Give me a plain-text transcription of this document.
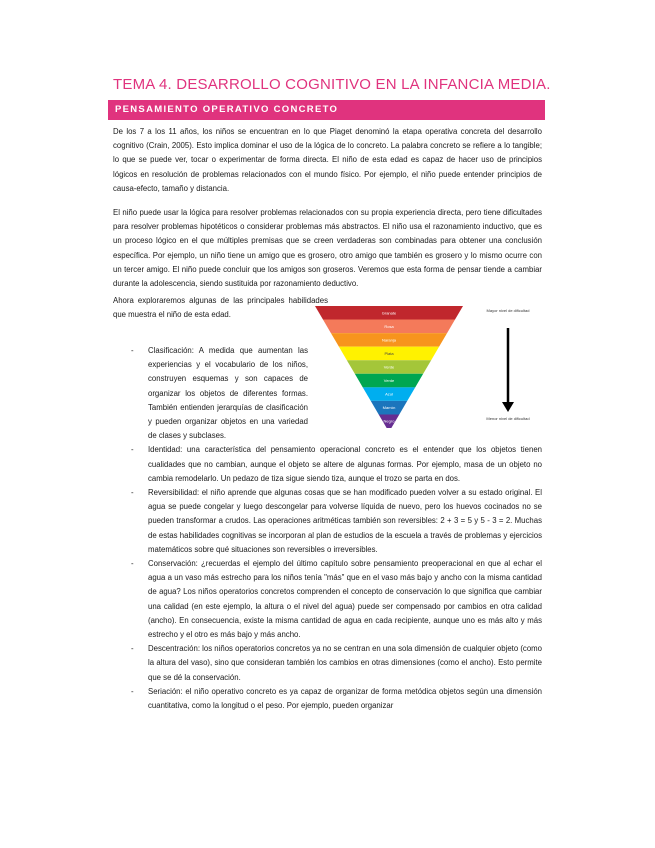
TEMA 4. DESARROLLO COGNITIVO EN LA INFANCIA MEDIA.
PENSAMIENTO OPERATIVO CONCRETO

De los 7 a los 11 años, los niños se encuentran en lo que Piaget denominó la etapa operativa concreta del desarrollo cognitivo (Crain, 2005). Esto implica dominar el uso de la lógica de lo concreto. La palabra concreto se refiere a lo tangible; lo que se puede ver, tocar o experimentar de forma directa. El niño de esta edad es capaz de hacer uso de principios lógicos en resolución de problemas relacionados con el mundo físico. Por ejemplo, el niño puede entender principios de causa-efecto, tamaño y distancia.

El niño puede usar la lógica para resolver problemas relacionados con su propia experiencia directa, pero tiene dificultades para resolver problemas hipotéticos o considerar problemas más abstractos. El niño usa el razonamiento inductivo, que es un proceso lógico en el que múltiples premisas que se creen verdaderas son combinadas para obtener una conclusión específica. Por ejemplo, un niño tiene un amigo que es grosero, otro amigo que también es grosero y lo mismo ocurre con un tercer amigo. El niño puede concluir que los amigos son groseros. Veremos que esta forma de pensar tiende a cambiar durante la adolescencia, siendo sustituida por razonamiento deductivo.

Ahora exploraremos algunas de las principales habilidades que muestra el niño de esta edad.	Granate
Rosa
Naranja
Plata
Verde
Verde
Azul
Marrón
Negro
Mayor nivel de dificultad
Menor nivel de dificultad
- Clasificación: A medida que aumentan las experiencias y el vocabulario de los niños, construyen esquemas y son capaces de organizar los objetos de diferentes formas. También entienden jerarquías de clasificación y pueden organizar objetos en una variedad de clases y subclases.
- Identidad: una característica del pensamiento operacional concreto es el entender que los objetos tienen cualidades que no cambian, aunque el objeto se altere de algunas formas. Por ejemplo, masa de un objeto no cambia remodelarlo. Un pedazo de tiza sigue siendo tiza, aunque el trozo se parta en dos.
- Reversibilidad: el niño aprende que algunas cosas que se han modificado pueden volver a su estado original. El agua se puede congelar y luego descongelar para volverse líquida de nuevo, pero los huevos cocinados no se pueden transformar a crudos. Las operaciones aritméticas también son reversibles: 2 + 3 = 5 y 5 - 3 = 2. Muchas de estas habilidades cognitivas se incorporan al plan de estudios de la escuela a través de problemas y ejercicios matemáticos sobre qué situaciones son reversibles o irreversibles.
- Conservación: ¿recuerdas el ejemplo del último capítulo sobre pensamiento preoperacional en que al echar el agua a un vaso más estrecho para los niños tenía "más" que en el vaso más bajo y ancho con la misma cantidad de agua? Los niños operatorios concretos comprenden el concepto de conservación lo que significa que cambiar una calidad (en este ejemplo, la altura o el nivel del agua) puede ser compensado por cambios en otra calidad (ancho). En consecuencia, existe la misma cantidad de agua en cada recipiente, aunque uno es más alto y más estrecho y el otro es más bajo y más ancho.
- Descentración: los niños operatorios concretos ya no se centran en una sola dimensión de cualquier objeto (como la altura del vaso), sino que consideran también los cambios en otras dimensiones (como el ancho). Esto permite que se dé la conservación.
- Seriación: el niño operativo concreto es ya capaz de organizar de forma metódica objetos según una dimensión cuantitativa, como la longitud o el peso. Por ejemplo, pueden organizar
